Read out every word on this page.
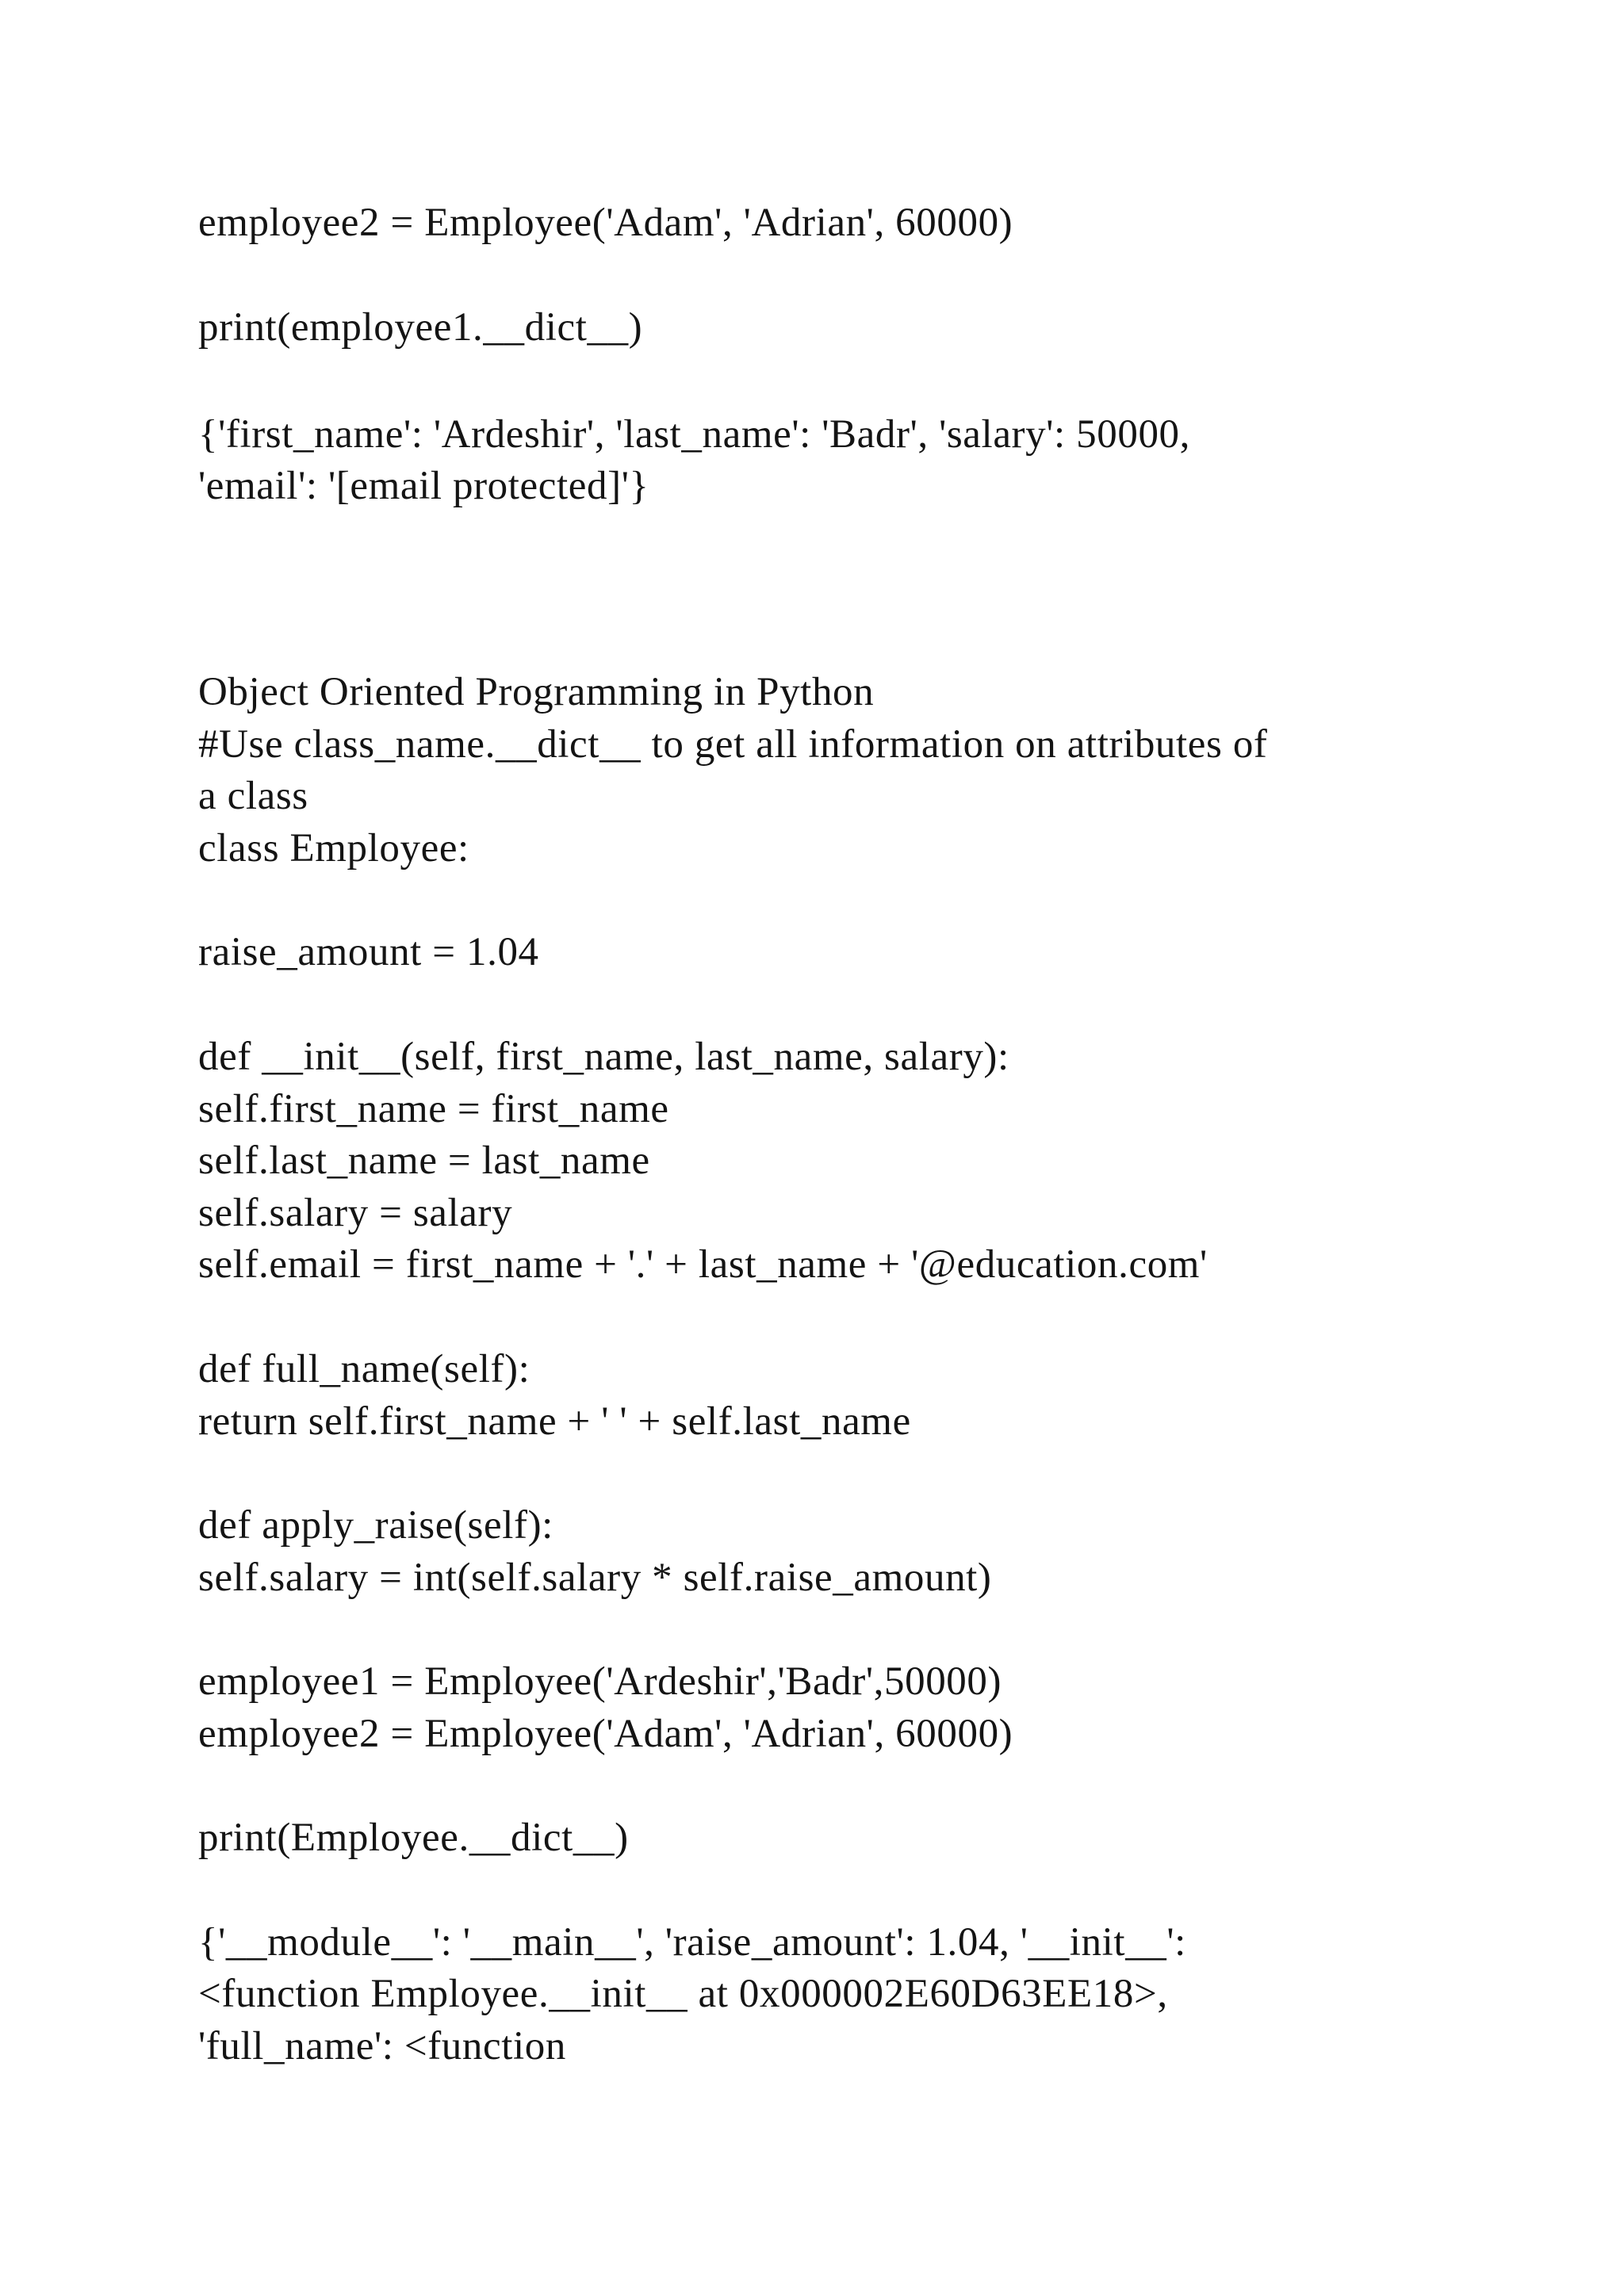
employee2 = Employee('Adam', 'Adrian', 60000)

print(employee1.__dict__)

{'first_name': 'Ardeshir', 'last_name': 'Badr', 'salary': 50000,

'email': '[email protected]'}

Object Oriented Programming in Python

#Use class_name.__dict__ to get all information on attributes of

a class

class Employee:

raise_amount = 1.04

def __init__(self, first_name, last_name, salary):

self.first_name = first_name

self.last_name = last_name

self.salary = salary

self.email = first_name + '.' + last_name + '@education.com'

def full_name(self):

return self.first_name + ' ' + self.last_name

def apply_raise(self):

self.salary = int(self.salary * self.raise_amount)

employee1 = Employee('Ardeshir','Badr',50000)

employee2 = Employee('Adam', 'Adrian', 60000)

print(Employee.__dict__)

{'__module__': '__main__', 'raise_amount': 1.04, '__init__':

<function Employee.__init__ at 0x000002E60D63EE18>,

'full_name': <function
